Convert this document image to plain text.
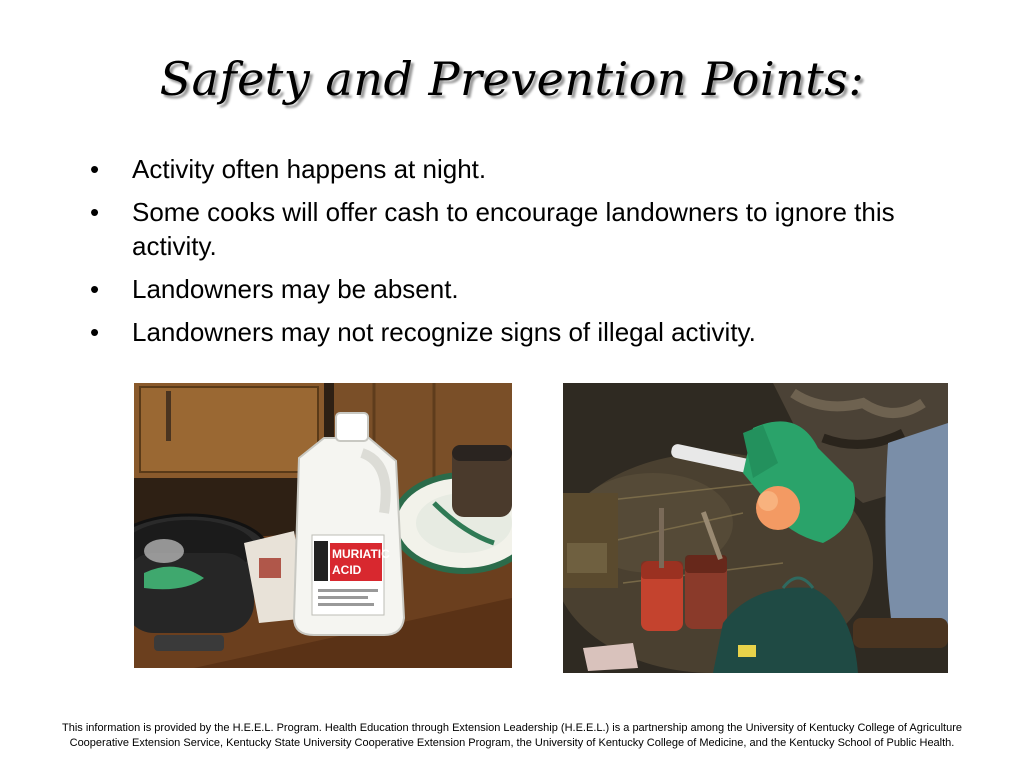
Safety and Prevention Points:
• Activity often happens at night.
• Some cooks will offer cash to encourage landowners to ignore this activity.
• Landowners may be absent.
• Landowners may not recognize signs of illegal activity.
MURIATIC
ACID
This information is provided by the H.E.E.L. Program. Health Education through Extension Leadership (H.E.E.L.) is a partnership among the University of Kentucky College of Agriculture
Cooperative Extension Service, Kentucky State University Cooperative Extension Program, the University of Kentucky College of Medicine, and the Kentucky School of Public Health.
